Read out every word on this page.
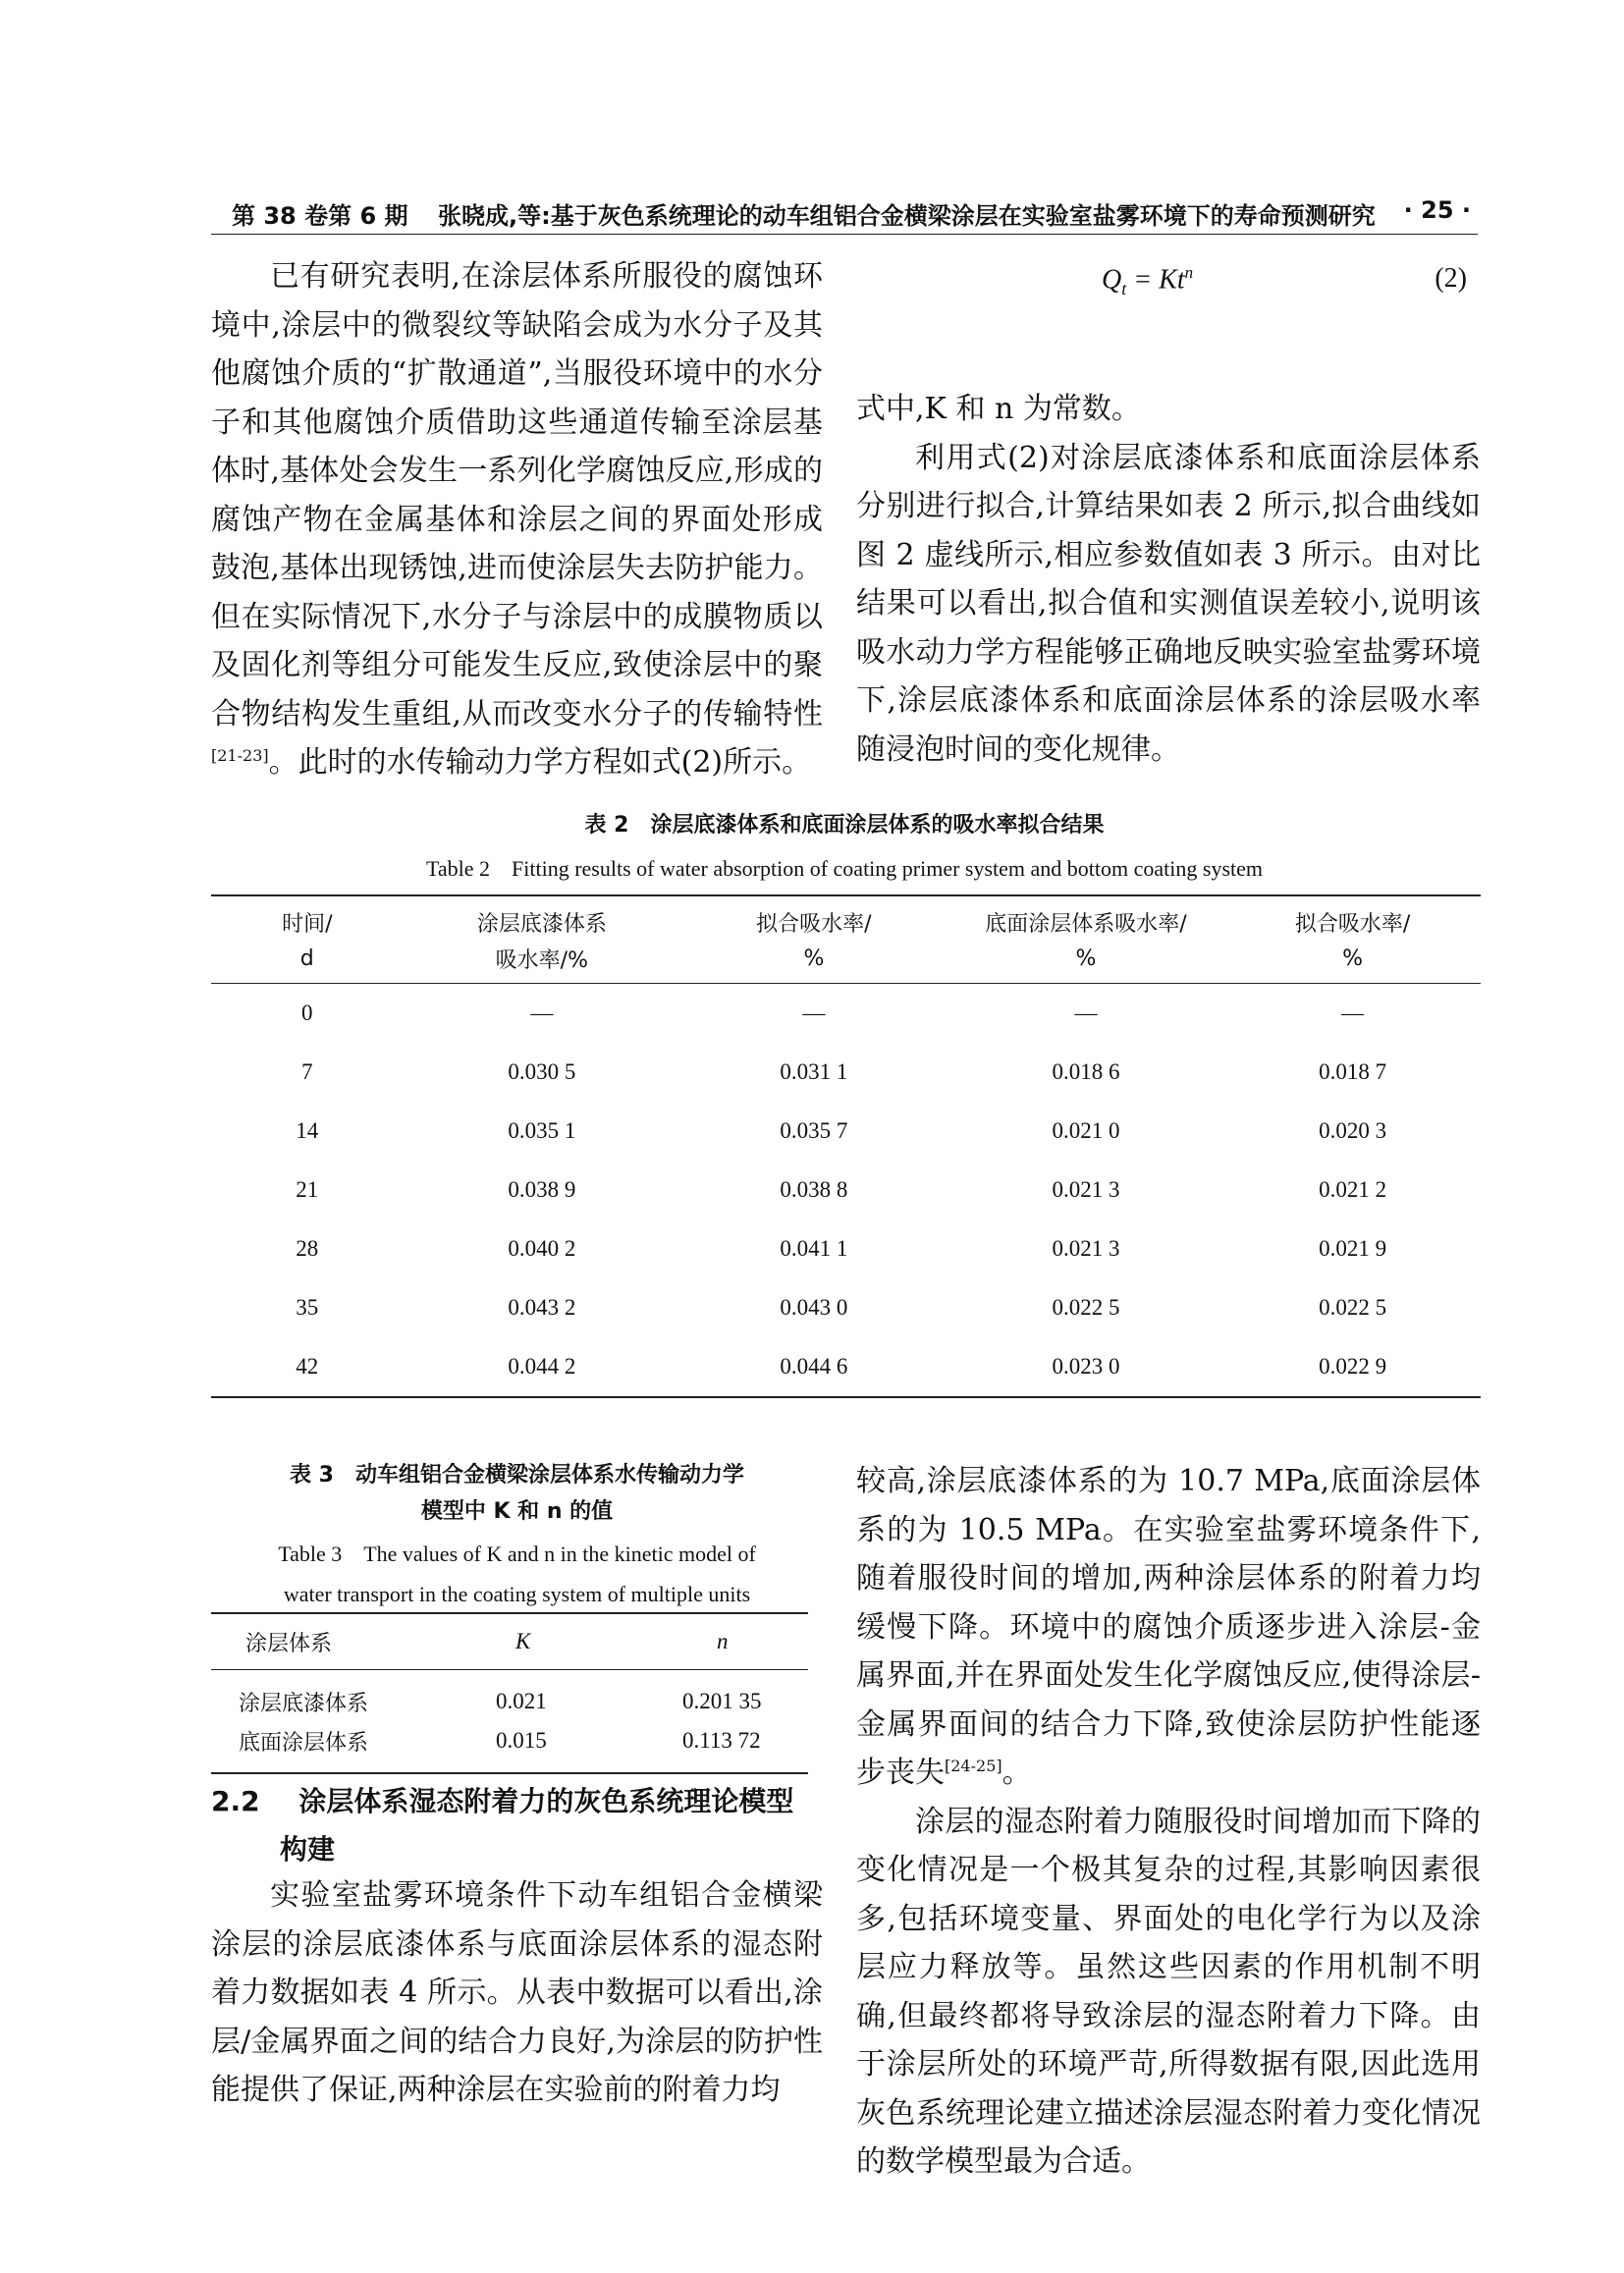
第 38 卷第 6 期 张晓成,等:基于灰色系统理论的动车组铝合金横梁涂层在实验室盐雾环境下的寿命预测研究 · 25 ·

已有研究表明,在涂层体系所服役的腐蚀环境中,涂层中的微裂纹等缺陷会成为水分子及其他腐蚀介质的“扩散通道”,当服役环境中的水分子和其他腐蚀介质借助这些通道传输至涂层基体时,基体处会发生一系列化学腐蚀反应,形成的腐蚀产物在金属基体和涂层之间的界面处形成鼓泡,基体出现锈蚀,进而使涂层失去防护能力。但在实际情况下,水分子与涂层中的成膜物质以及固化剂等组分可能发生反应,致使涂层中的聚合物结构发生重组,从而改变水分子的传输特性[21-23]。此时的水传输动力学方程如式(2)所示。

$Q_t = Kt^n$	(2)

式中,K 和 n 为常数。

利用式(2)对涂层底漆体系和底面涂层体系分别进行拟合,计算结果如表 2 所示,拟合曲线如图 2 虚线所示,相应参数值如表 3 所示。由对比结果可以看出,拟合值和实测值误差较小,说明该吸水动力学方程能够正确地反映实验室盐雾环境下,涂层底漆体系和底面涂层体系的涂层吸水率随浸泡时间的变化规律。

表 2　涂层底漆体系和底面涂层体系的吸水率拟合结果
Table 2　Fitting results of water absorption of coating primer system and bottom coating system
时间/	涂层底漆体系	拟合吸水率/	底面涂层体系吸水率/	拟合吸水率/
d	吸水率/%	%	%	%
0	—	—	—	—
7	0.030 5	0.031 1	0.018 6	0.018 7
14	0.035 1	0.035 7	0.021 0	0.020 3
21	0.038 9	0.038 8	0.021 3	0.021 2
28	0.040 2	0.041 1	0.021 3	0.021 9
35	0.043 2	0.043 0	0.022 5	0.022 5
42	0.044 2	0.044 6	0.023 0	0.022 9
表 3　动车组铝合金横梁涂层体系水传输动力学
模型中 K 和 n 的值
Table 3　The values of K and n in the kinetic model of
water transport in the coating system of multiple units
涂层体系	K	n
涂层底漆体系	0.021	0.201 35
底面涂层体系	0.015	0.113 72
2.2 涂层体系湿态附着力的灰色系统理论模型
构建

实验室盐雾环境条件下动车组铝合金横梁涂层的涂层底漆体系与底面涂层体系的湿态附着力数据如表 4 所示。从表中数据可以看出,涂层/金属界面之间的结合力良好,为涂层的防护性能提供了保证,两种涂层在实验前的附着力均

较高,涂层底漆体系的为 10.7 MPa,底面涂层体系的为 10.5 MPa。在实验室盐雾环境条件下,随着服役时间的增加,两种涂层体系的附着力均缓慢下降。环境中的腐蚀介质逐步进入涂层-金属界面,并在界面处发生化学腐蚀反应,使得涂层-金属界面间的结合力下降,致使涂层防护性能逐步丧失[24-25]。

涂层的湿态附着力随服役时间增加而下降的变化情况是一个极其复杂的过程,其影响因素很多,包括环境变量、界面处的电化学行为以及涂层应力释放等。虽然这些因素的作用机制不明确,但最终都将导致涂层的湿态附着力下降。由于涂层所处的环境严苛,所得数据有限,因此选用灰色系统理论建立描述涂层湿态附着力变化情况的数学模型最为合适。
